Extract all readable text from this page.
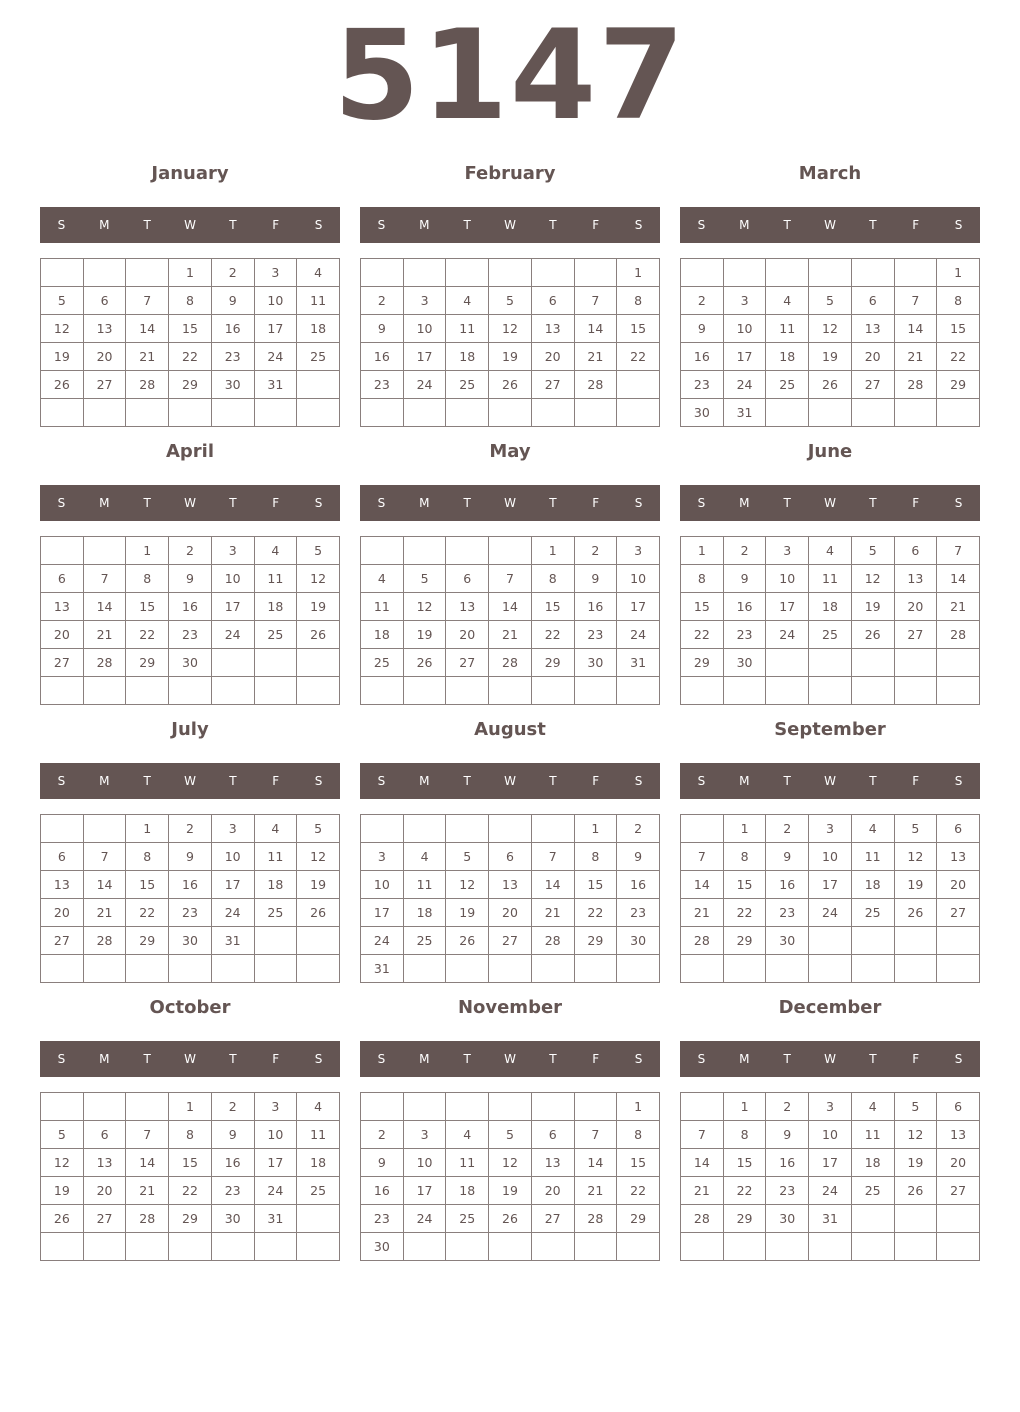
5147
January
S	M	T	W	T	F	S
			1	2	3	4
5	6	7	8	9	10	11
12	13	14	15	16	17	18
19	20	21	22	23	24	25
26	27	28	29	30	31	

February
S	M	T	W	T	F	S
						1
2	3	4	5	6	7	8
9	10	11	12	13	14	15
16	17	18	19	20	21	22
23	24	25	26	27	28	

March
S	M	T	W	T	F	S
						1
2	3	4	5	6	7	8
9	10	11	12	13	14	15
16	17	18	19	20	21	22
23	24	25	26	27	28	29
30	31					
April
S	M	T	W	T	F	S
		1	2	3	4	5
6	7	8	9	10	11	12
13	14	15	16	17	18	19
20	21	22	23	24	25	26
27	28	29	30			

May
S	M	T	W	T	F	S
				1	2	3
4	5	6	7	8	9	10
11	12	13	14	15	16	17
18	19	20	21	22	23	24
25	26	27	28	29	30	31

June
S	M	T	W	T	F	S
1	2	3	4	5	6	7
8	9	10	11	12	13	14
15	16	17	18	19	20	21
22	23	24	25	26	27	28
29	30					

July
S	M	T	W	T	F	S
		1	2	3	4	5
6	7	8	9	10	11	12
13	14	15	16	17	18	19
20	21	22	23	24	25	26
27	28	29	30	31		

August
S	M	T	W	T	F	S
					1	2
3	4	5	6	7	8	9
10	11	12	13	14	15	16
17	18	19	20	21	22	23
24	25	26	27	28	29	30
31						
September
S	M	T	W	T	F	S
	1	2	3	4	5	6
7	8	9	10	11	12	13
14	15	16	17	18	19	20
21	22	23	24	25	26	27
28	29	30				

October
S	M	T	W	T	F	S
			1	2	3	4
5	6	7	8	9	10	11
12	13	14	15	16	17	18
19	20	21	22	23	24	25
26	27	28	29	30	31	

November
S	M	T	W	T	F	S
						1
2	3	4	5	6	7	8
9	10	11	12	13	14	15
16	17	18	19	20	21	22
23	24	25	26	27	28	29
30						
December
S	M	T	W	T	F	S
	1	2	3	4	5	6
7	8	9	10	11	12	13
14	15	16	17	18	19	20
21	22	23	24	25	26	27
28	29	30	31			
